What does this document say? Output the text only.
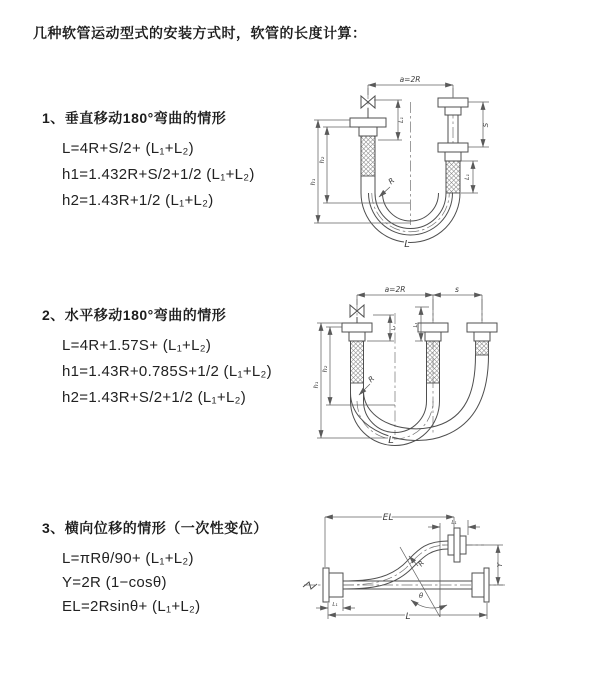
几种软管运动型式的安装方式时，软管的长度计算：
1、垂直移动180°弯曲的情形
L=4R+S/2+ (L₁+L₂)
h1=1.432R+S/2+1/2 (L₁+L₂)
h2=1.43R+1/2 (L₁+L₂)
2、水平移动180°弯曲的情形
L=4R+1.57S+ (L₁+L₂)
h1=1.43R+0.785S+1/2 (L₁+L₂)
h2=1.43R+S/2+1/2 (L₁+L₂)
3、横向位移的情形（一次性变位）
L=πRθ/90+ (L₁+L₂)
Y=2R (1−cosθ)
EL=2Rsinθ+ (L₁+L₂)
a=2R
S
L₁
L₁
h₁
h₂
R
L
a=2R	s
L₁
L₁
h₁
h₂
R
L
θ
R
EL	L₁
Y
L
L₁
